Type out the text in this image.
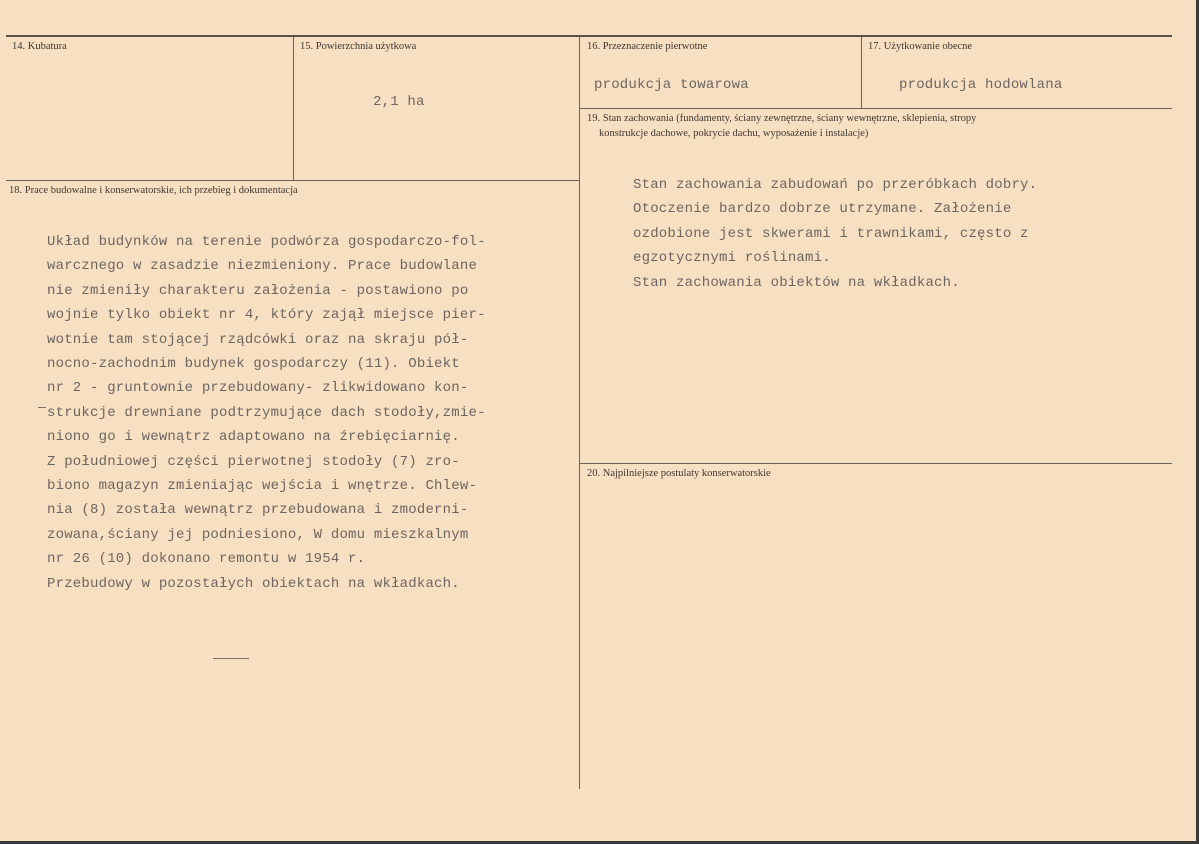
14. Kubatura	15. Powierzchnia użytkowa
2,1 ha
16. Przeznaczenie pierwotne
produkcja towarowa
17. Użytkowanie obecne
produkcja hodowlana
18. Prace budowalne i konserwatorskie, ich przebieg i dokumentacja
Układ budynków na terenie podwórza gospodarczo-fol-
warcznego w zasadzie niezmieniony. Prace budowlane
nie zmieniły charakteru założenia - postawiono po
wojnie tylko obiekt nr 4, który zajął miejsce pier-
wotnie tam stojącej rządcówki oraz na skraju pół-
nocno-zachodnim budynek gospodarczy (11). Obiekt
nr 2 - gruntownie przebudowany- zlikwidowano kon-
strukcje drewniane podtrzymujące dach stodoły,zmie-
niono go i wewnątrz adaptowano na źrebięciarnię.
Z południowej części pierwotnej stodoły (7) zro-
biono magazyn zmieniając wejścia i wnętrze. Chlew-
nia (8) została wewnątrz przebudowana i zmoderni-
zowana,ściany jej podniesiono, W domu mieszkalnym
nr 26 (10) dokonano remontu w 1954 r.
Przebudowy w pozostałych obiektach na wkładkach.
19. Stan zachowania (fundamenty, ściany zewnętrzne, ściany wewnętrzne, sklepienia, stropy
konstrukcje dachowe, pokrycie dachu, wyposażenie i instalacje)
Stan zachowania zabudowań po przeróbkach dobry.
Otoczenie bardzo dobrze utrzymane. Założenie
ozdobione jest skwerami i trawnikami, często z
egzotycznymi roślinami.
Stan zachowania obiektów na wkładkach.
20. Najpilniejsze postulaty konserwatorskie
